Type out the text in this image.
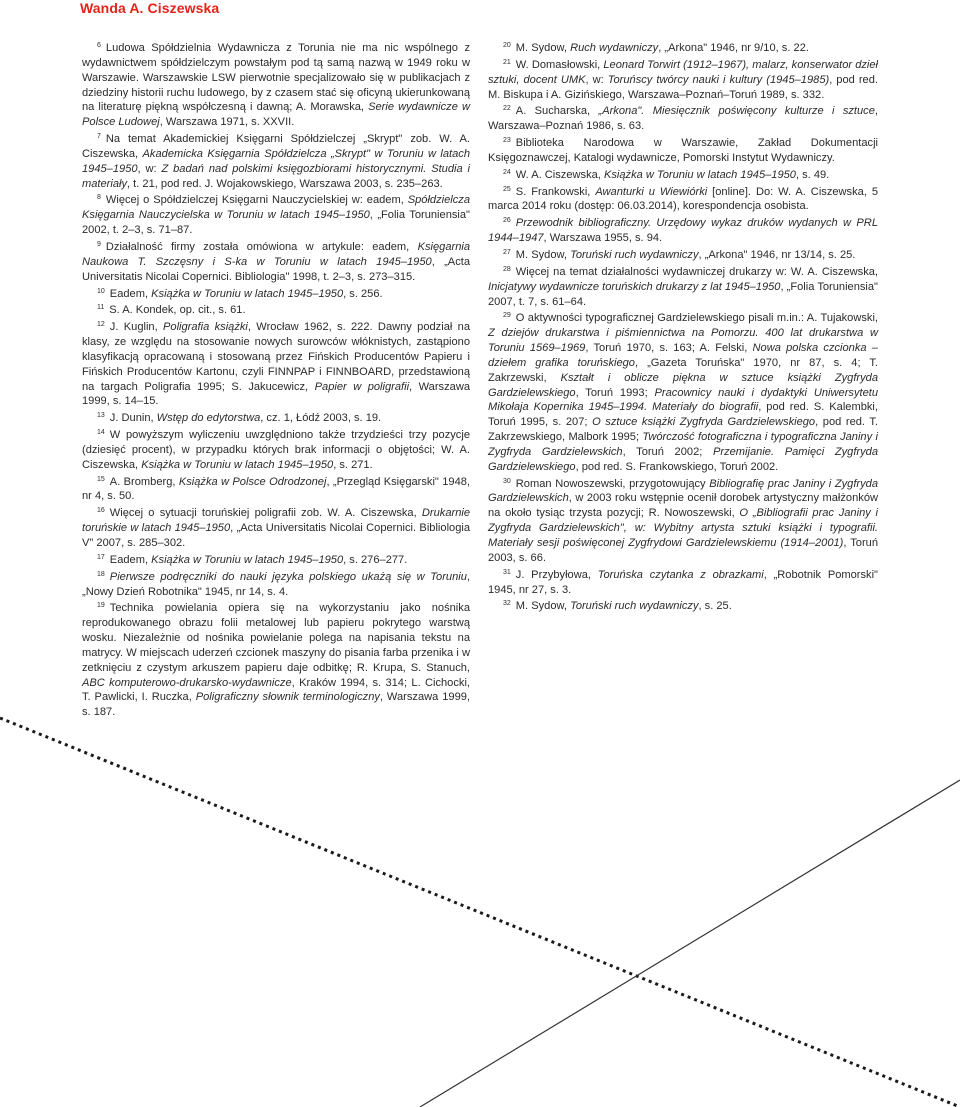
Wanda A. Ciszewska

$^6$ Ludowa Spółdzielnia Wydawnicza z Torunia nie ma nic wspólnego z wydawnictwem spółdzielczym powstałym pod tą samą nazwą w 1949 roku w Warszawie. Warszawskie LSW pierwotnie specjalizowało się w publikacjach z dziedziny historii ruchu ludowego, by z czasem stać się oficyną ukierunkowaną na literaturę piękną współczesną i dawną; A. Morawska, Serie wydawnicze w Polsce Ludowej, Warszawa 1971, s. XXVII.

$^7$ Na temat Akademickiej Księgarni Spółdzielczej „Skrypt" zob. W. A. Ciszewska, Akademicka Księgarnia Spółdzielcza „Skrypt" w Toruniu w latach 1945–1950, w: Z badań nad polskimi księgozbiorami historycznymi. Studia i materiały, t. 21, pod red. J. Wojakowskiego, Warszawa 2003, s. 235–263.

$^8$ Więcej o Spółdzielczej Księgarni Nauczycielskiej w: eadem, Spółdzielcza Księgarnia Nauczycielska w Toruniu w latach 1945–1950, „Folia Toruniensia" 2002, t. 2–3, s. 71–87.

$^9$ Działalność firmy została omówiona w artykule: eadem, Księgarnia Naukowa T. Szczęsny i S-ka w Toruniu w latach 1945–1950, „Acta Universitatis Nicolai Copernici. Bibliologia" 1998, t. 2–3, s. 273–315.

$^{10}$ Eadem, Książka w Toruniu w latach 1945–1950, s. 256.

$^{11}$ S. A. Kondek, op. cit., s. 61.

$^{12}$ J. Kuglin, Poligrafia książki, Wrocław 1962, s. 222. Dawny podział na klasy, ze względu na stosowanie nowych surowców włóknistych, zastąpiono klasyfikacją opracowaną i stosowaną przez Fińskich Producentów Papieru i Fińskich Producentów Kartonu, czyli FINNPAP i FINNBOARD, przedstawioną na targach Poligrafia 1995; S. Jakucewicz, Papier w poligrafii, Warszawa 1999, s. 14–15.

$^{13}$ J. Dunin, Wstęp do edytorstwa, cz. 1, Łódź 2003, s. 19.

$^{14}$ W powyższym wyliczeniu uwzględniono także trzydzieści trzy pozycje (dziesięć procent), w przypadku których brak informacji o objętości; W. A. Ciszewska, Książka w Toruniu w latach 1945–1950, s. 271.

$^{15}$ A. Bromberg, Książka w Polsce Odrodzonej, „Przegląd Księgarski" 1948, nr 4, s. 50.

$^{16}$ Więcej o sytuacji toruńskiej poligrafii zob. W. A. Ciszewska, Drukarnie toruńskie w latach 1945–1950, „Acta Universitatis Nicolai Copernici. Bibliologia V" 2007, s. 285–302.

$^{17}$ Eadem, Książka w Toruniu w latach 1945–1950, s. 276–277.

$^{18}$ Pierwsze podręczniki do nauki języka polskiego ukażą się w Toruniu, „Nowy Dzień Robotnika" 1945, nr 14, s. 4.

$^{19}$ Technika powielania opiera się na wykorzystaniu jako nośnika reprodukowanego obrazu folii metalowej lub papieru pokrytego warstwą wosku. Niezależnie od nośnika powielanie polega na napisania tekstu na matrycy. W miejscach uderzeń czcionek maszyny do pisania farba przenika i w zetknięciu z czystym arkuszem papieru daje odbitkę; R. Krupa, S. Stanuch, ABC komputerowo-drukarsko-wydawnicze, Kraków 1994, s. 314; L. Cichocki, T. Pawlicki, I. Ruczka, Poligraficzny słownik terminologiczny, Warszawa 1999, s. 187.

$^{20}$ M. Sydow, Ruch wydawniczy, „Arkona" 1946, nr 9/10, s. 22.

$^{21}$ W. Domasłowski, Leonard Torwirt (1912–1967), malarz, konserwator dzieł sztuki, docent UMK, w: Toruńscy twórcy nauki i kultury (1945–1985), pod red. M. Biskupa i A. Gizińskiego, Warszawa–Poznań–Toruń 1989, s. 332.

$^{22}$ A. Sucharska, „Arkona". Miesięcznik poświęcony kulturze i sztuce, Warszawa–Poznań 1986, s. 63.

$^{23}$ Biblioteka Narodowa w Warszawie, Zakład Dokumentacji Księgoznawczej, Katalogi wydawnicze, Pomorski Instytut Wydawniczy.

$^{24}$ W. A. Ciszewska, Książka w Toruniu w latach 1945–1950, s. 49.

$^{25}$ S. Frankowski, Awanturki u Wiewiórki [online]. Do: W. A. Ciszewska, 5 marca 2014 roku (dostęp: 06.03.2014), korespondencja osobista.

$^{26}$ Przewodnik bibliograficzny. Urzędowy wykaz druków wydanych w PRL 1944–1947, Warszawa 1955, s. 94.

$^{27}$ M. Sydow, Toruński ruch wydawniczy, „Arkona" 1946, nr 13/14, s. 25.

$^{28}$ Więcej na temat działalności wydawniczej drukarzy w: W. A. Ciszewska, Inicjatywy wydawnicze toruńskich drukarzy z lat 1945–1950, „Folia Toruniensia" 2007, t. 7, s. 61–64.

$^{29}$ O aktywności typograficznej Gardzielewskiego pisali m.in.: A. Tujakowski, Z dziejów drukarstwa i piśmiennictwa na Pomorzu. 400 lat drukarstwa w Toruniu 1569–1969, Toruń 1970, s. 163; A. Felski, Nowa polska czcionka – dziełem grafika toruńskiego, „Gazeta Toruńska" 1970, nr 87, s. 4; T. Zakrzewski, Kształt i oblicze piękna w sztuce książki Zygfryda Gardzielewskiego, Toruń 1993; Pracownicy nauki i dydaktyki Uniwersytetu Mikołaja Kopernika 1945–1994. Materiały do biografii, pod red. S. Kalembki, Toruń 1995, s. 207; O sztuce książki Zygfryda Gardzielewskiego, pod red. T. Zakrzewskiego, Malbork 1995; Twórczość fotograficzna i typograficzna Janiny i Zygfryda Gardzielewskich, Toruń 2002; Przemijanie. Pamięci Zygfryda Gardzielewskiego, pod red. S. Frankowskiego, Toruń 2002.

$^{30}$ Roman Nowoszewski, przygotowujący Bibliografię prac Janiny i Zygfryda Gardzielewskich, w 2003 roku wstępnie ocenił dorobek artystyczny małżonków na około tysiąc trzysta pozycji; R. Nowoszewski, O „Bibliografii prac Janiny i Zygfryda Gardzielewskich", w: Wybitny artysta sztuki książki i typografii. Materiały sesji poświęconej Zygfrydowi Gardzielewskiemu (1914–2001), Toruń 2003, s. 66.

$^{31}$ J. Przybyłowa, Toruńska czytanka z obrazkami, „Robotnik Pomorski" 1945, nr 27, s. 3.

$^{32}$ M. Sydow, Toruński ruch wydawniczy, s. 25.
